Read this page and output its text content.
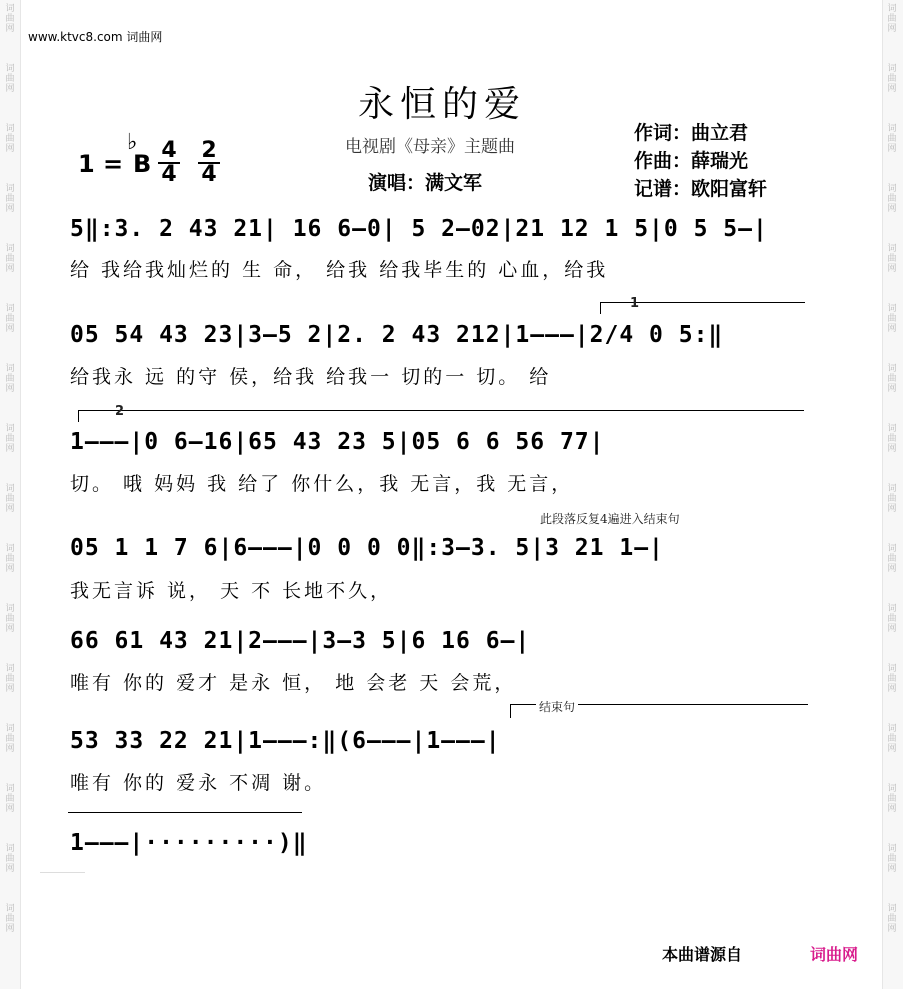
词
曲
网
词
曲
网
词
曲
网
词
曲
网
词
曲
网
词
曲
网
词
曲
网
词
曲
网
词
曲
网
词
曲
网
词
曲
网
词
曲
网
词
曲
网
词
曲
网
词
曲
网
词
曲
网
词
曲
网
词
曲
网
词
曲
网
词
曲
网
词
曲
网
词
曲
网
词
曲
网
词
曲
网
词
曲
网
词
曲
网
词
曲
网
词
曲
网
词
曲
网
词
曲
网
词
曲
网
词
曲
网
www.ktvc8.com 词曲网
永恒的爱
电视剧《母亲》主题曲
演唱：满文军
作词：曲立君
作曲：薛瑞光
记谱：欧阳富轩
1 =
♭
B $\frac{4}{4} \frac{2}{4}$
5‖:3. 2 43 21| 16 6—0| 5 2—02|21 12 1 5|0 5 5—|
给 我给我灿烂的 生 命， 给我 给我毕生的 心血，给我
1
05 54 43 23|3—5 2|2. 2 43 212|1———|2/4 0 5:‖
给我永 远 的守 侯，给我 给我一 切的一 切。 给
2
1———|0 6—16|65 43 23 5|05 6 6 56 77|
切。 哦 妈妈 我 给了 你什么，我 无言，我 无言，
此段落反复4遍进入结束句
05 1 1 7 6|6———|0 0 0 0‖:3—3. 5|3 21 1—|
我无言诉 说， 天 不 长地不久，
66 61 43 21|2———|3—3 5|6 16 6—|
唯有 你的 爱才 是永 恒， 地 会老 天 会荒，
结束句
53 33 22 21|1———:‖(6———|1———|
唯有 你的 爱永 不凋 谢。
1———|·········)‖
本曲谱源自	词曲网
